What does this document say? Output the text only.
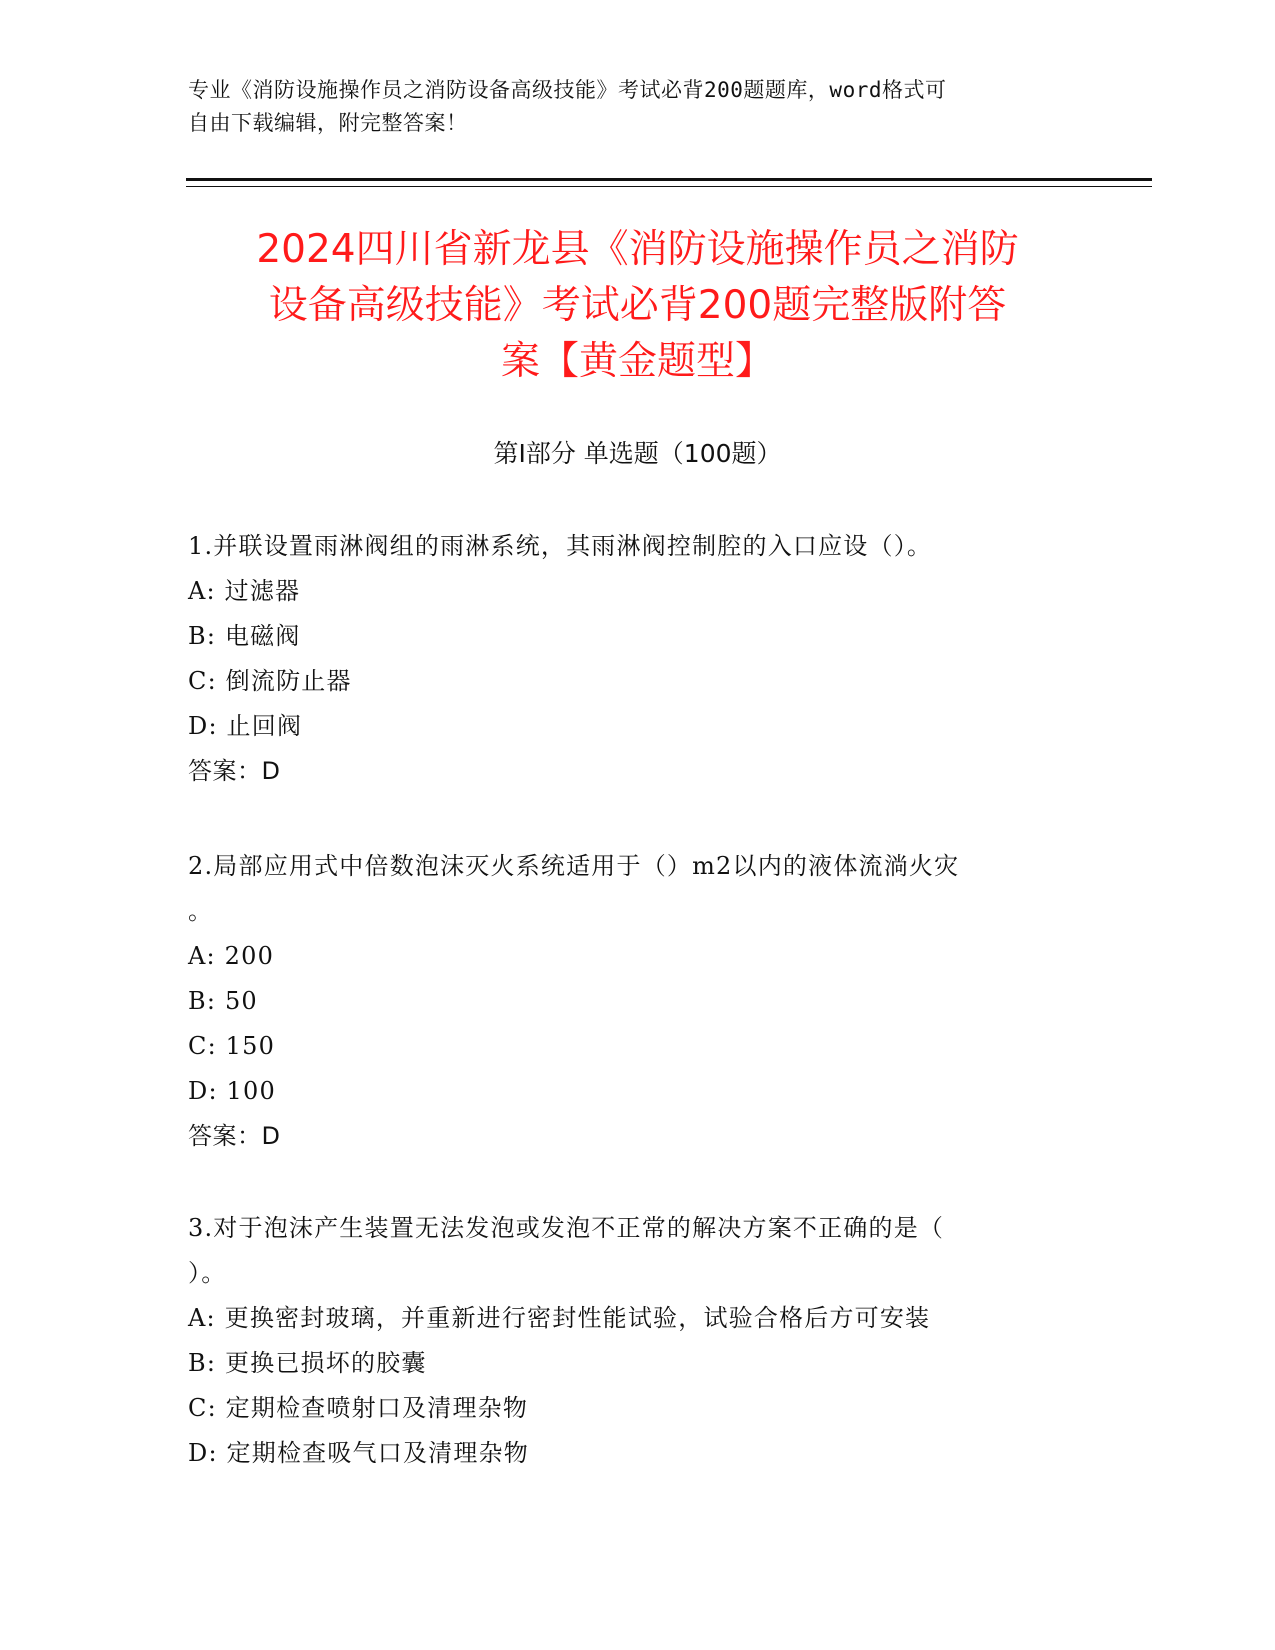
专业《消防设施操作员之消防设备高级技能》考试必背200题题库，word格式可
自由下载编辑，附完整答案！
2024四川省新龙县《消防设施操作员之消防
设备高级技能》考试必背200题完整版附答
案【黄金题型】
第I部分 单选题（100题）
1.并联设置雨淋阀组的雨淋系统，其雨淋阀控制腔的入口应设（）。
A: 过滤器
B: 电磁阀
C: 倒流防止器
D: 止回阀
答案：D
2.局部应用式中倍数泡沫灭火系统适用于（）m2以内的液体流淌火灾
。
A: 200
B: 50
C: 150
D: 100
答案：D
3.对于泡沫产生装置无法发泡或发泡不正常的解决方案不正确的是（
）。
A: 更换密封玻璃，并重新进行密封性能试验，试验合格后方可安装
B: 更换已损坏的胶囊
C: 定期检查喷射口及清理杂物
D: 定期检查吸气口及清理杂物
